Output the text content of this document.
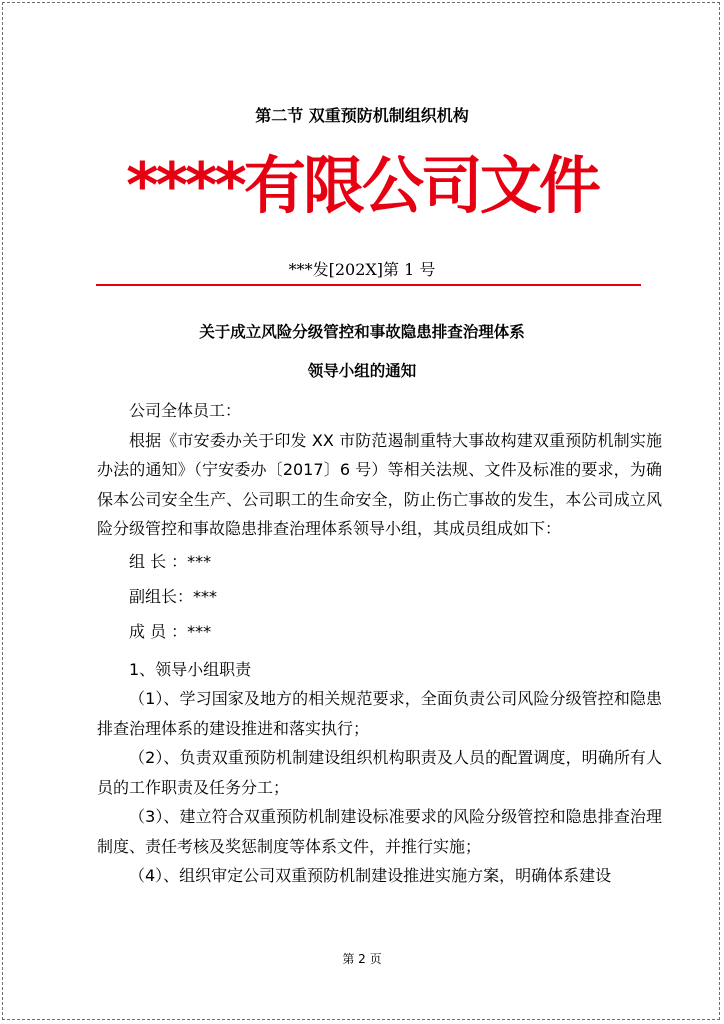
第二节 双重预防机制组织机构
****有限公司文件
***发[202X]第 1 号
关于成立风险分级管控和事故隐患排查治理体系
领导小组的通知

公司全体员工：

根据《市安委办关于印发 XX 市防范遏制重特大事故构建双重预防机制实施办法的通知》（宁安委办〔2017〕6 号）等相关法规、文件及标准的要求，为确保本公司安全生产、公司职工的生命安全，防止伤亡事故的发生，本公司成立风险分级管控和事故隐患排查治理体系领导小组，其成员组成如下：

组 长 ：***
副组长：***
成 员 ：***

1、领导小组职责

（1）、学习国家及地方的相关规范要求，全面负责公司风险分级管控和隐患排查治理体系的建设推进和落实执行；

（2）、负责双重预防机制建设组织机构职责及人员的配置调度，明确所有人员的工作职责及任务分工；

（3）、建立符合双重预防机制建设标准要求的风险分级管控和隐患排查治理制度、责任考核及奖惩制度等体系文件，并推行实施；

（4）、组织审定公司双重预防机制建设推进实施方案，明确体系建设

第 2 页
